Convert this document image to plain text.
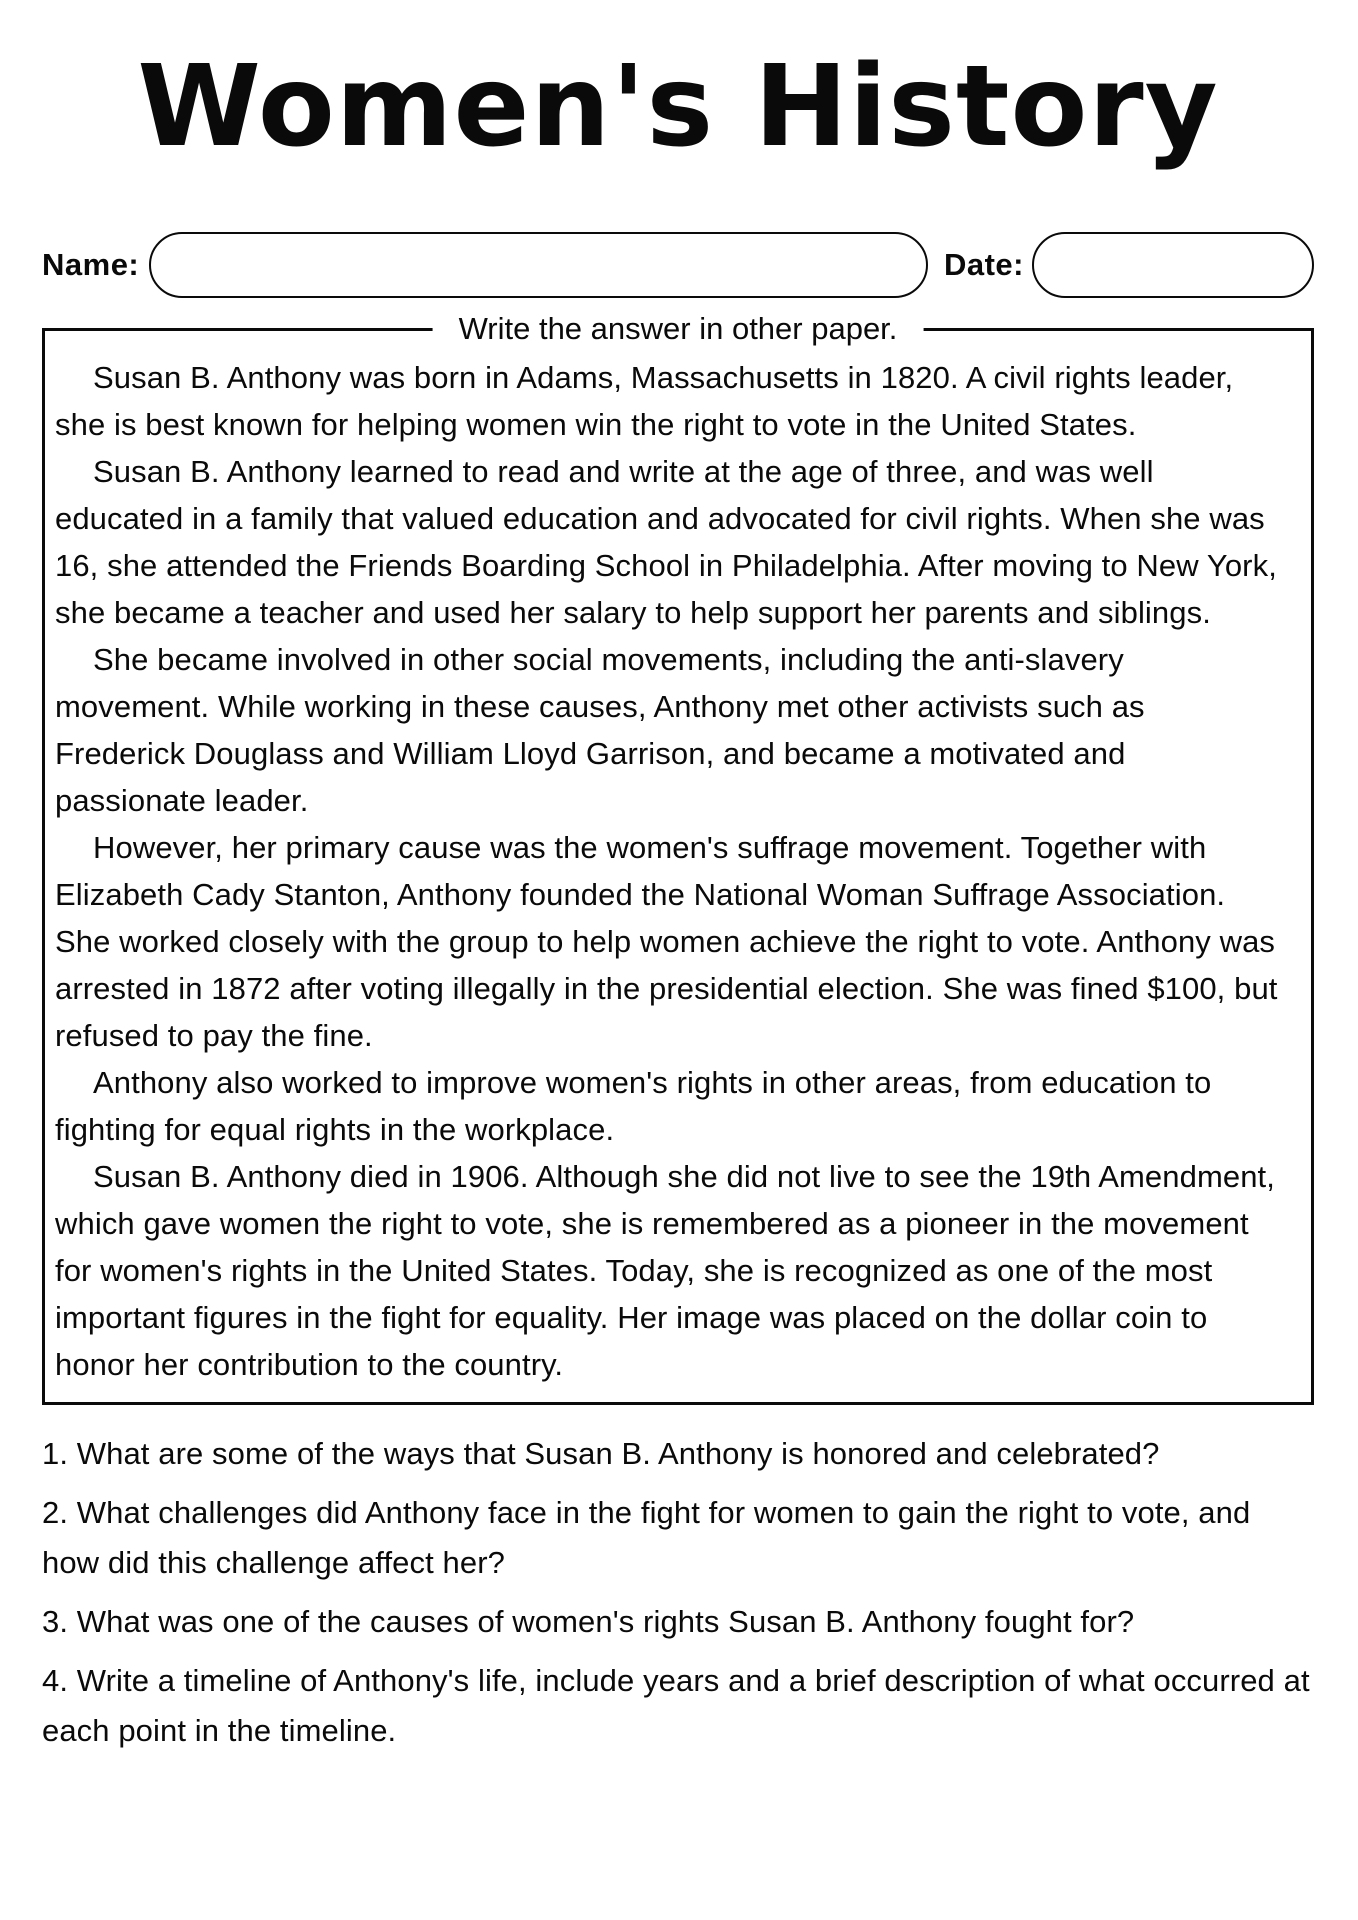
Women's History
Name:	Date:
Write the answer in other paper.

Susan B. Anthony was born in Adams, Massachusetts in 1820. A civil rights leader, she is best known for helping women win the right to vote in the United States.

Susan B. Anthony learned to read and write at the age of three, and was well educated in a family that valued education and advocated for civil rights. When she was 16, she attended the Friends Boarding School in Philadelphia. After moving to New York, she became a teacher and used her salary to help support her parents and siblings.

She became involved in other social movements, including the anti-slavery movement. While working in these causes, Anthony met other activists such as Frederick Douglass and William Lloyd Garrison, and became a motivated and passionate leader.

However, her primary cause was the women's suffrage movement. Together with Elizabeth Cady Stanton, Anthony founded the National Woman Suffrage Association. She worked closely with the group to help women achieve the right to vote. Anthony was arrested in 1872 after voting illegally in the presidential election. She was fined $100, but refused to pay the fine.

Anthony also worked to improve women's rights in other areas, from education to fighting for equal rights in the workplace.

Susan B. Anthony died in 1906. Although she did not live to see the 19th Amendment, which gave women the right to vote, she is remembered as a pioneer in the movement for women's rights in the United States. Today, she is recognized as one of the most important figures in the fight for equality. Her image was placed on the dollar coin to honor her contribution to the country.

1. What are some of the ways that Susan B. Anthony is honored and celebrated?
2. What challenges did Anthony face in the fight for women to gain the right to vote, and how did this challenge affect her?
3. What was one of the causes of women's rights Susan B. Anthony fought for?
4. Write a timeline of Anthony's life, include years and a brief description of what occurred at each point in the timeline.
